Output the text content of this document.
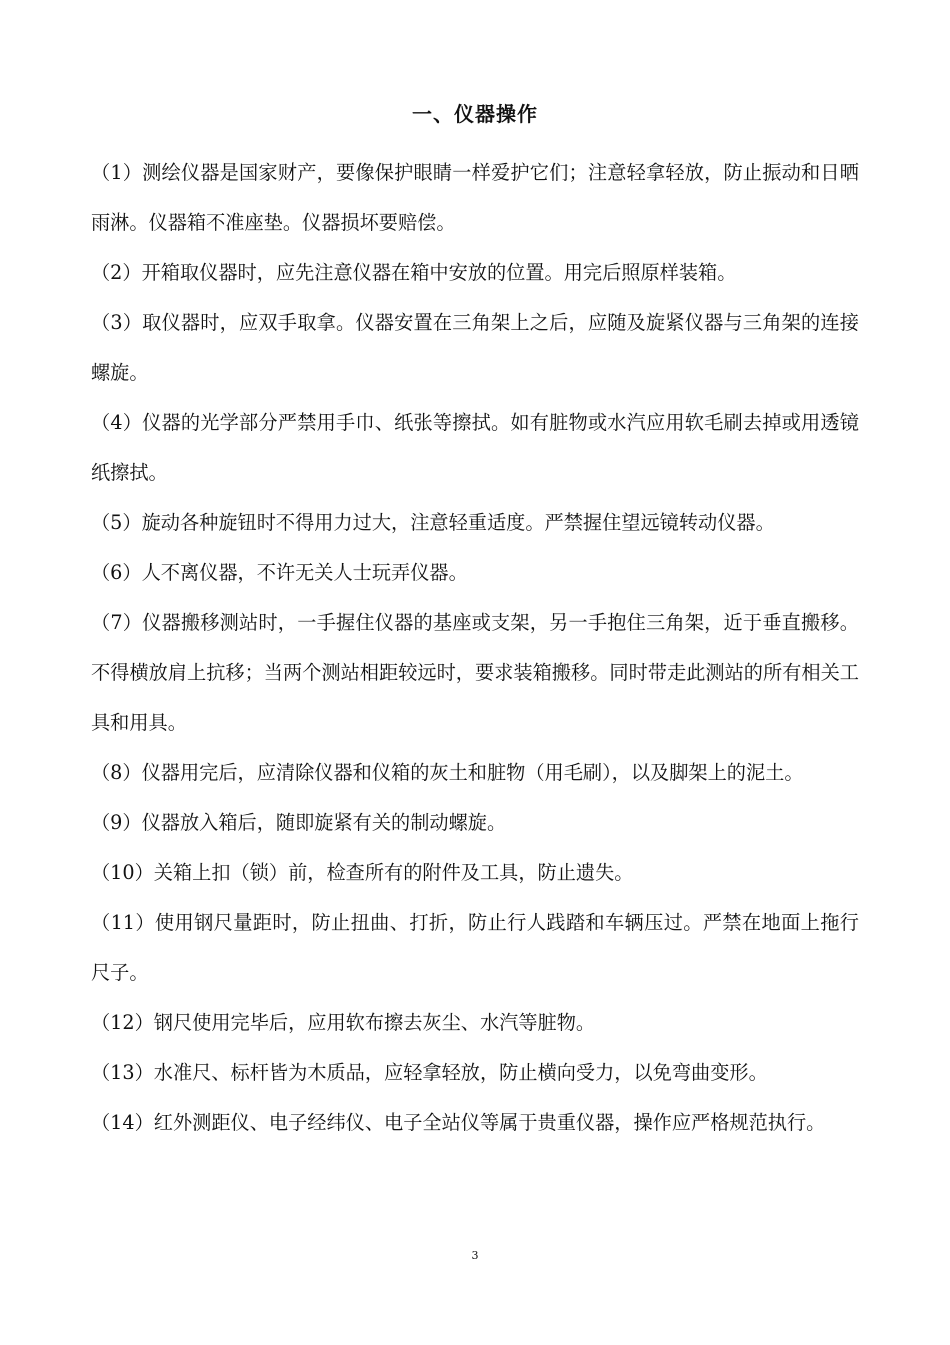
一、仪器操作

（1）测绘仪器是国家财产，要像保护眼睛一样爱护它们；注意轻拿轻放，防止振动和日晒雨淋。仪器箱不准座垫。仪器损坏要赔偿。

（2）开箱取仪器时，应先注意仪器在箱中安放的位置。用完后照原样装箱。

（3）取仪器时，应双手取拿。仪器安置在三角架上之后，应随及旋紧仪器与三角架的连接螺旋。

（4）仪器的光学部分严禁用手巾、纸张等擦拭。如有脏物或水汽应用软毛刷去掉或用透镜纸擦拭。

（5）旋动各种旋钮时不得用力过大，注意轻重适度。严禁握住望远镜转动仪器。

（6）人不离仪器，不许无关人士玩弄仪器。

（7）仪器搬移测站时，一手握住仪器的基座或支架，另一手抱住三角架，近于垂直搬移。不得横放肩上抗移；当两个测站相距较远时，要求装箱搬移。同时带走此测站的所有相关工具和用具。

（8）仪器用完后，应清除仪器和仪箱的灰土和脏物（用毛刷），以及脚架上的泥土。

（9）仪器放入箱后，随即旋紧有关的制动螺旋。

（10）关箱上扣（锁）前，检查所有的附件及工具，防止遗失。

（11）使用钢尺量距时，防止扭曲、打折，防止行人践踏和车辆压过。严禁在地面上拖行尺子。

（12）钢尺使用完毕后，应用软布擦去灰尘、水汽等脏物。

（13）水准尺、标杆皆为木质品，应轻拿轻放，防止横向受力，以免弯曲变形。

（14）红外测距仪、电子经纬仪、电子全站仪等属于贵重仪器，操作应严格规范执行。

3
